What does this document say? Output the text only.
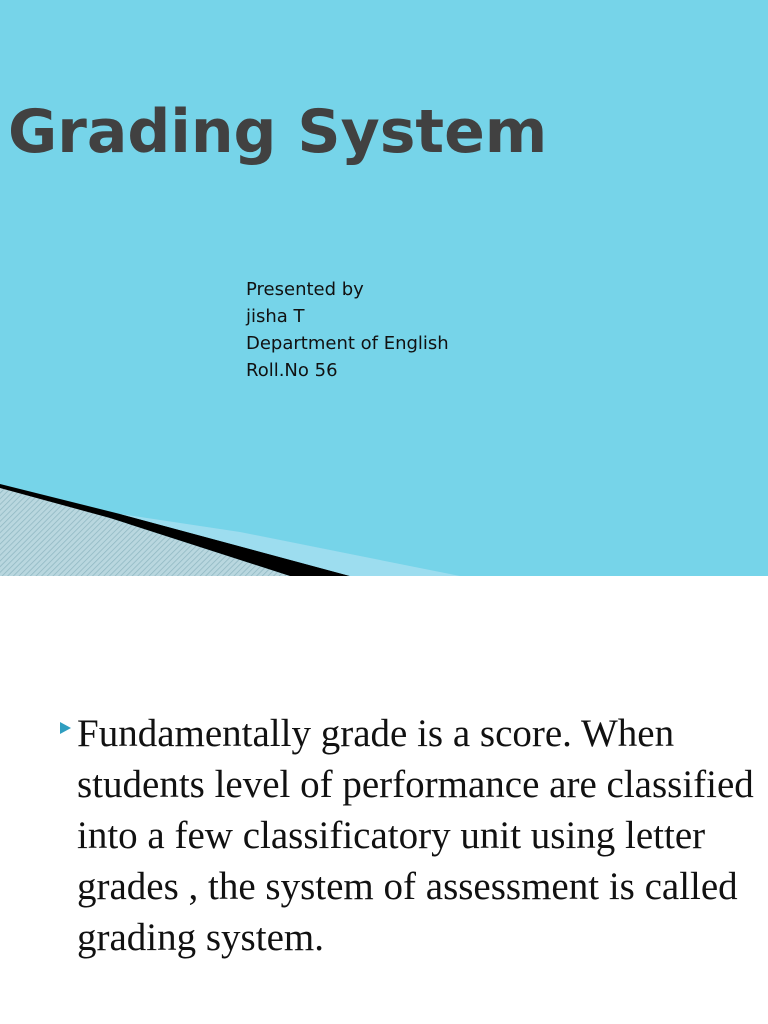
Grading System
Presented by
jisha T
Department of English
Roll.No 56

Fundamentally grade is a score. When students level of performance are classified into a few classificatory unit using letter grades , the system of assessment is called grading system.
